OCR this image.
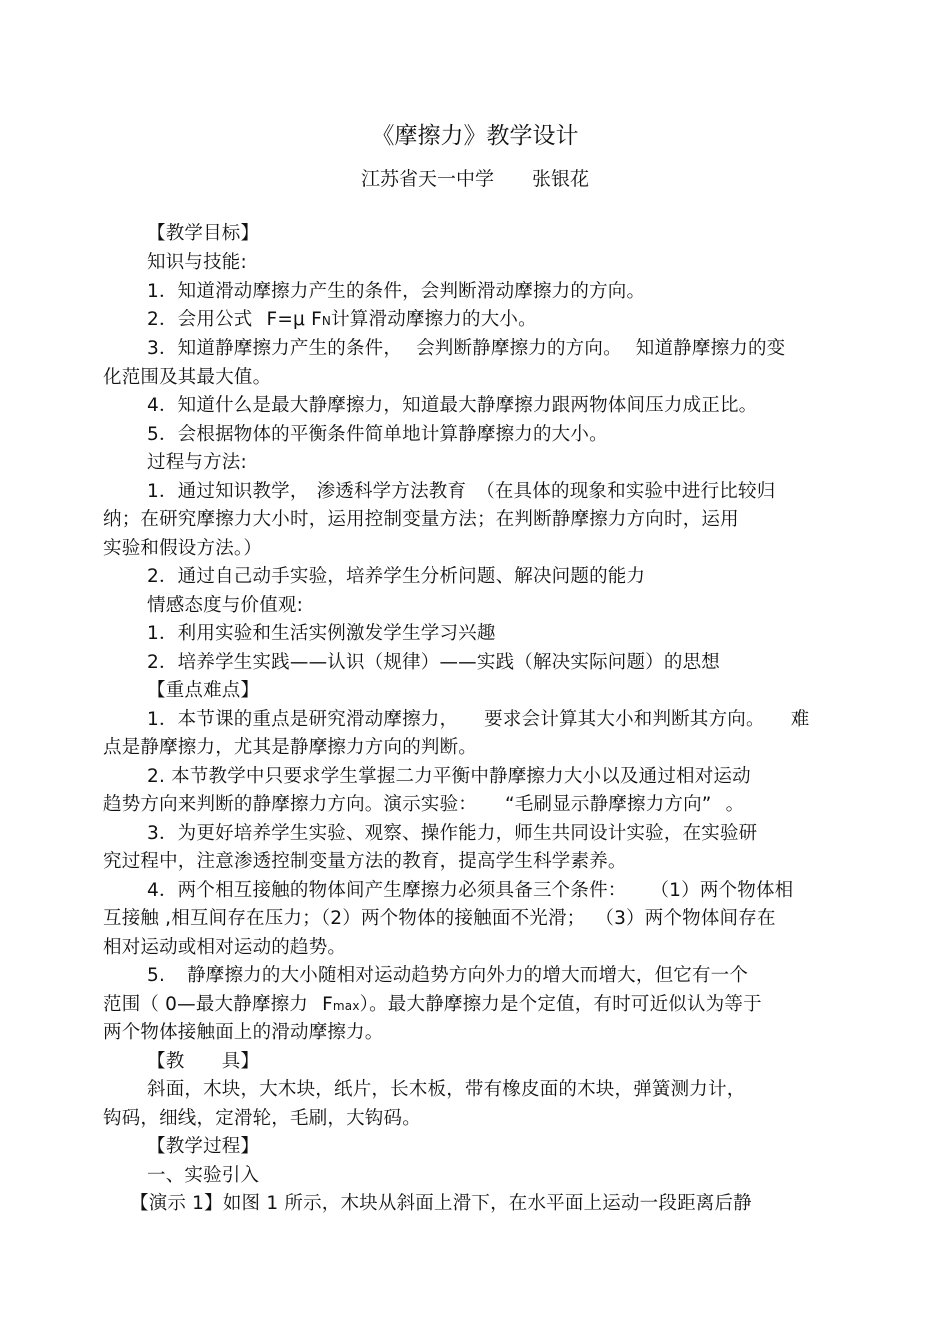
《摩擦力》教学设计
江苏省天一中学 张银花
【教学目标】
知识与技能:
1．知道滑动摩擦力产生的条件，会判断滑动摩擦力的方向。
2．会用公式 F=μ FN计算滑动摩擦力的大小。
3．知道静摩擦力产生的条件， 会判断静摩擦力的方向。 知道静摩擦力的变
化范围及其最大值。
4．知道什么是最大静摩擦力，知道最大静摩擦力跟两物体间压力成正比。
5．会根据物体的平衡条件简单地计算静摩擦力的大小。
过程与方法:
1．通过知识教学， 渗透科学方法教育 （在具体的现象和实验中进行比较归
纳；在研究摩擦力大小时，运用控制变量方法；在判断静摩擦力方向时，运用
实验和假设方法。）
2．通过自己动手实验，培养学生分析问题、解决问题的能力
情感态度与价值观:
1．利用实验和生活实例激发学生学习兴趣
2．培养学生实践——认识（规律）——实践（解决实际问题）的思想
【重点难点】
1．本节课的重点是研究滑动摩擦力， 要求会计算其大小和判断其方向。 难
点是静摩擦力，尤其是静摩擦力方向的判断。
2. 本节教学中只要求学生掌握二力平衡中静摩擦力大小以及通过相对运动
趋势方向来判断的静摩擦力方向。演示实验： “毛刷显示静摩擦力方向” 。
3．为更好培养学生实验、观察、操作能力，师生共同设计实验，在实验研
究过程中，注意渗透控制变量方法的教育，提高学生科学素养。
4．两个相互接触的物体间产生摩擦力必须具备三个条件： （1）两个物体相
互接触 ,相互间存在压力；（2）两个物体的接触面不光滑； （3）两个物体间存在
相对运动或相对运动的趋势。
5. 静摩擦力的大小随相对运动趋势方向外力的增大而增大，但它有一个
范围（ 0—最大静摩擦力 Fmax）。最大静摩擦力是个定值，有时可近似认为等于
两个物体接触面上的滑动摩擦力。
【教　　具】
斜面，木块，大木块，纸片，长木板，带有橡皮面的木块，弹簧测力计，
钩码，细线，定滑轮，毛刷，大钩码。
【教学过程】
一、实验引入
【演示 1】如图 1 所示，木块从斜面上滑下，在水平面上运动一段距离后静
